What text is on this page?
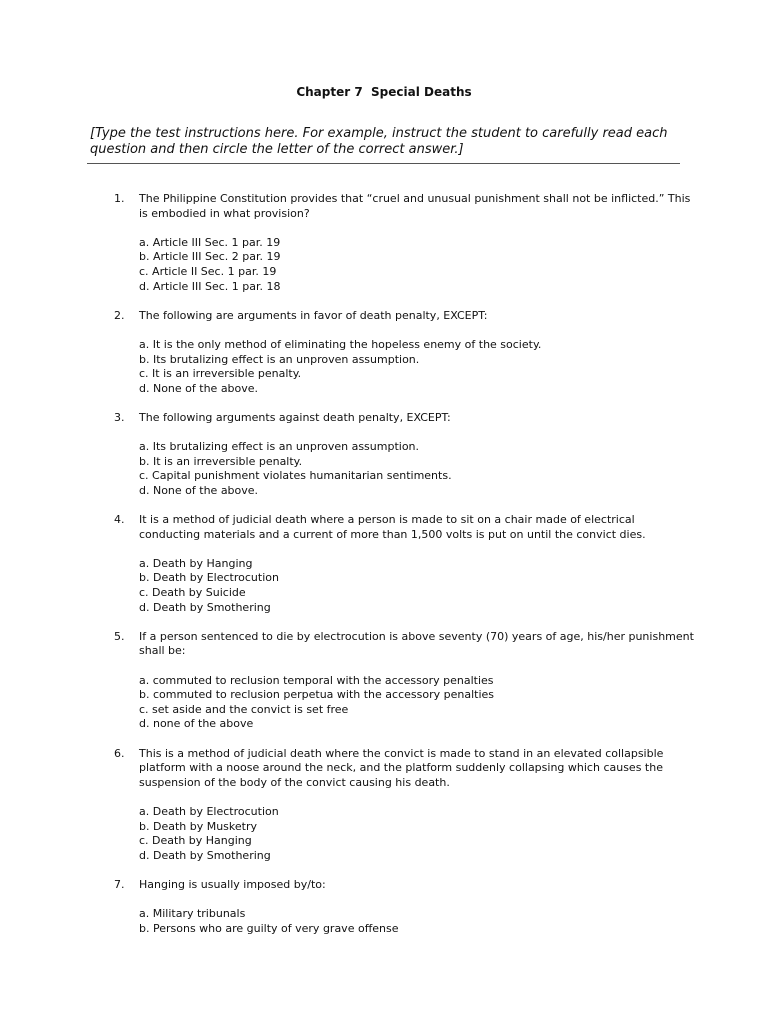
Chapter 7  Special Deaths
[Type the test instructions here. For example, instruct the student to carefully read each question and then circle the letter of the correct answer.]
1.	The Philippine Constitution provides that “cruel and unusual punishment shall not be inflicted.” This is embodied in what provision?
a. Article III Sec. 1 par. 19
b. Article III Sec. 2 par. 19
c. Article II Sec. 1 par. 19
d. Article III Sec. 1 par. 18
2.	The following are arguments in favor of death penalty, EXCEPT:
a. It is the only method of eliminating the hopeless enemy of the society.
b. Its brutalizing effect is an unproven assumption.
c. It is an irreversible penalty.
d. None of the above.
3.	The following arguments against death penalty, EXCEPT:
a. Its brutalizing effect is an unproven assumption.
b. It is an irreversible penalty.
c. Capital punishment violates humanitarian sentiments.
d. None of the above.
4.	It is a method of judicial death where a person is made to sit on a chair made of electrical conducting materials and a current of more than 1,500 volts is put on until the convict dies.
a. Death by Hanging
b. Death by Electrocution
c. Death by Suicide
d. Death by Smothering
5.	If a person sentenced to die by electrocution is above seventy (70) years of age, his/her punishment shall be:
a. commuted to reclusion temporal with the accessory penalties
b. commuted to reclusion perpetua with the accessory penalties
c. set aside and the convict is set free
d. none of the above
6.	This is a method of judicial death where the convict is made to stand in an elevated collapsible platform with a noose around the neck, and the platform suddenly collapsing which causes the suspension of the body of the convict causing his death.
a. Death by Electrocution
b. Death by Musketry
c. Death by Hanging
d. Death by Smothering
7.	Hanging is usually imposed by/to:
a. Military tribunals
b. Persons who are guilty of very grave offense
